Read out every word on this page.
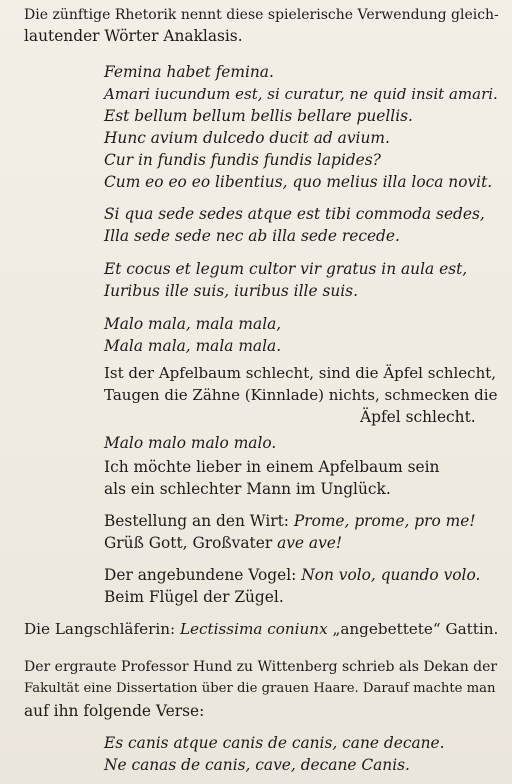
Die zünftige Rhetorik nennt diese spielerische Verwendung gleich-
lautender Wörter Anaklasis.
Femina habet femina.
Amari iucundum est, si curatur, ne quid insit amari.
Est bellum bellum bellis bellare puellis.
Hunc avium dulcedo ducit ad avium.
Cur in fundis fundis fundis lapides?
Cum eo eo eo libentius, quo melius illa loca novit.
Si qua sede sedes atque est tibi commoda sedes,
Illa sede sede nec ab illa sede recede.
Et cocus et legum cultor vir gratus in aula est,
Iuribus ille suis, iuribus ille suis.
Malo mala, mala mala,
Mala mala, mala mala.
Ist der Apfelbaum schlecht, sind die Äpfel schlecht,
Taugen die Zähne (Kinnlade) nichts, schmecken die
Äpfel schlecht.
Malo malo malo malo.
Ich möchte lieber in einem Apfelbaum sein
als ein schlechter Mann im Unglück.
Bestellung an den Wirt: Prome, prome, pro me!
Grüß Gott, Großvater ave ave!
Der angebundene Vogel: Non volo, quando volo.
Beim Flügel der Zügel.
Die Langschläferin: Lectissima coniunx „angebettete“ Gattin.
Der ergraute Professor Hund zu Wittenberg schrieb als Dekan der
Fakultät eine Dissertation über die grauen Haare. Darauf machte man
auf ihn folgende Verse:
Es canis atque canis de canis, cane decane.
Ne canas de canis, cave, decane Canis.
